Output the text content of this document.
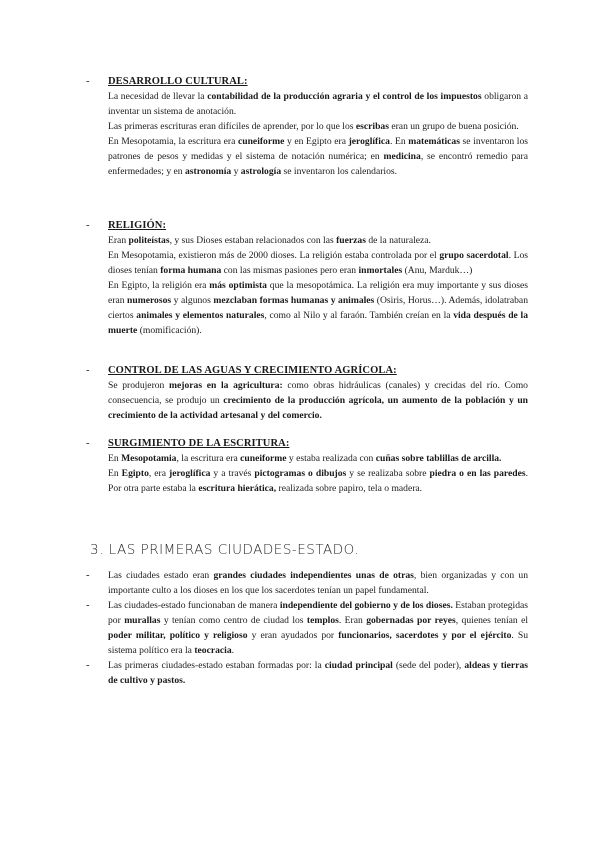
- DESARROLLO CULTURAL:

La necesidad de llevar la contabilidad de la producción agraria y el control de los impuestos obligaron a inventar un sistema de anotación.

Las primeras escrituras eran difíciles de aprender, por lo que los escribas eran un grupo de buena posición.

En Mesopotamia, la escritura era cuneiforme y en Egipto era jeroglífica. En matemáticas se inventaron los patrones de pesos y medidas y el sistema de notación numérica; en medicina, se encontró remedio para enfermedades; y en astronomía y astrología se inventaron los calendarios.

- RELIGIÓN:

Eran politeístas, y sus Dioses estaban relacionados con las fuerzas de la naturaleza.

En Mesopotamia, existieron más de 2000 dioses. La religión estaba controlada por el grupo sacerdotal. Los dioses tenían forma humana con las mismas pasiones pero eran inmortales (Anu, Marduk…)

En Egipto, la religión era más optimista que la mesopotámica. La religión era muy importante y sus dioses eran numerosos y algunos mezclaban formas humanas y animales (Osiris, Horus…). Además, idolatraban ciertos animales y elementos naturales, como al Nilo y al faraón. También creían en la vida después de la muerte (momificación).

- CONTROL DE LAS AGUAS Y CRECIMIENTO AGRÍCOLA:

Se produjeron mejoras en la agricultura: como obras hidráulicas (canales) y crecidas del río. Como consecuencia, se produjo un crecimiento de la producción agrícola, un aumento de la población y un crecimiento de la actividad artesanal y del comercio.

- SURGIMIENTO DE LA ESCRITURA:

En Mesopotamia, la escritura era cuneiforme y estaba realizada con cuñas sobre tablillas de arcilla.

En Egipto, era jeroglífica y a través pictogramas o dibujos y se realizaba sobre piedra o en las paredes. Por otra parte estaba la escritura hierática, realizada sobre papiro, tela o madera.

3. LAS PRIMERAS CIUDADES-ESTADO.
- Las ciudades estado eran grandes ciudades independientes unas de otras, bien organizadas y con un importante culto a los dioses en los que los sacerdotes tenían un papel fundamental.
- Las ciudades-estado funcionaban de manera independiente del gobierno y de los dioses. Estaban protegidas por murallas y tenían como centro de ciudad los templos. Eran gobernadas por reyes, quienes tenían el poder militar, político y religioso y eran ayudados por funcionarios, sacerdotes y por el ejército. Su sistema político era la teocracia.
- Las primeras ciudades-estado estaban formadas por: la ciudad principal (sede del poder), aldeas y tierras de cultivo y pastos.
